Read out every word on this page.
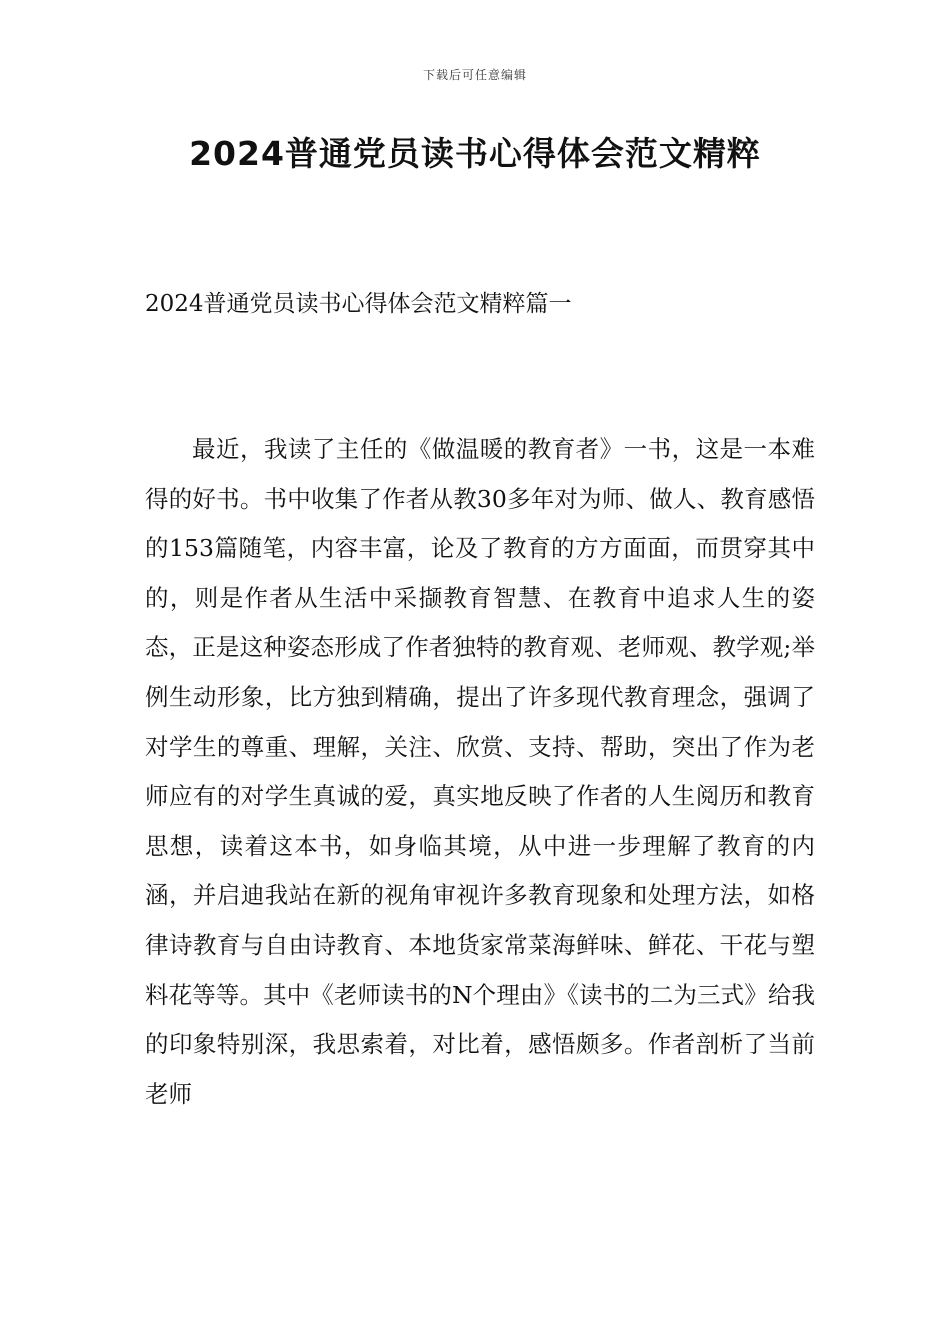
下载后可任意编辑
2024普通党员读书心得体会范文精粹
2024普通党员读书心得体会范文精粹篇一

最近，我读了主任的《做温暖的教育者》一书，这是一本难得的好书。书中收集了作者从教30多年对为师、做人、教育感悟的153篇随笔，内容丰富，论及了教育的方方面面，而贯穿其中的，则是作者从生活中采撷教育智慧、在教育中追求人生的姿态，正是这种姿态形成了作者独特的教育观、老师观、教学观;举例生动形象，比方独到精确，提出了许多现代教育理念，强调了对学生的尊重、理解，关注、欣赏、支持、帮助，突出了作为老师应有的对学生真诚的爱，真实地反映了作者的人生阅历和教育思想，读着这本书，如身临其境，从中进一步理解了教育的内涵，并启迪我站在新的视角审视许多教育现象和处理方法，如格律诗教育与自由诗教育、本地货家常菜海鲜味、鲜花、干花与塑料花等等。其中《老师读书的N个理由》《读书的二为三式》给我的印象特别深，我思索着，对比着，感悟颇多。作者剖析了当前老师
